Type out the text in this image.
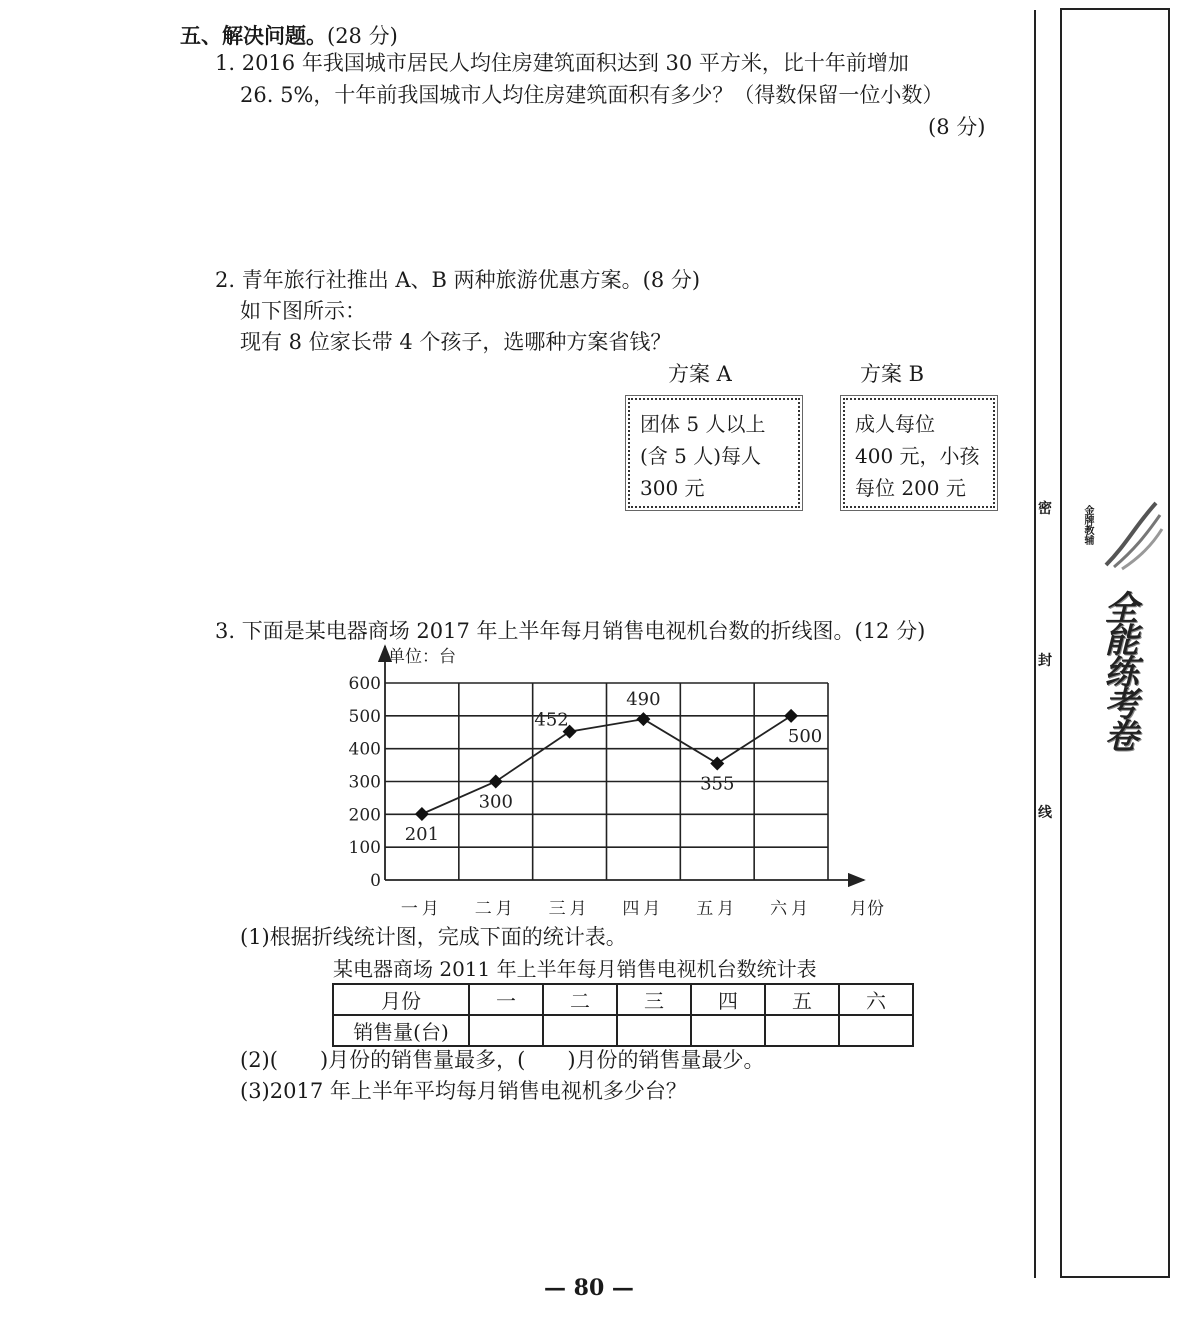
五、解决问题。(28 分)
1. 2016 年我国城市居民人均住房建筑面积达到 30 平方米，比十年前增加
26. 5%，十年前我国城市人均住房建筑面积有多少？（得数保留一位小数）
(8 分)
2. 青年旅行社推出 A、B 两种旅游优惠方案。(8 分)
如下图所示：
现有 8 位家长带 4 个孩子，选哪种方案省钱？
方案 A	方案 B
团体 5 人以上
(含 5 人)每人
300 元
成人每位
400 元，小孩
每位 200 元
3. 下面是某电器商场 2017 年上半年每月销售电视机台数的折线图。(12 分)
0
100
200
300
400
500
600
一月 二月 三月 四月 五月 六月
201
300
452
490
355
500
单位：台
月份
(1)根据折线统计图，完成下面的统计表。
某电器商场 2011 年上半年每月销售电视机台数统计表
月份	一	二	三	四	五	六
销售量(台)						
(2)(　　)月份的销售量最多，(　　)月份的销售量最少。
(3)2017 年上半年平均每月销售电视机多少台？
— 80 —
密
封
线
金牌教辅
全能练考卷
